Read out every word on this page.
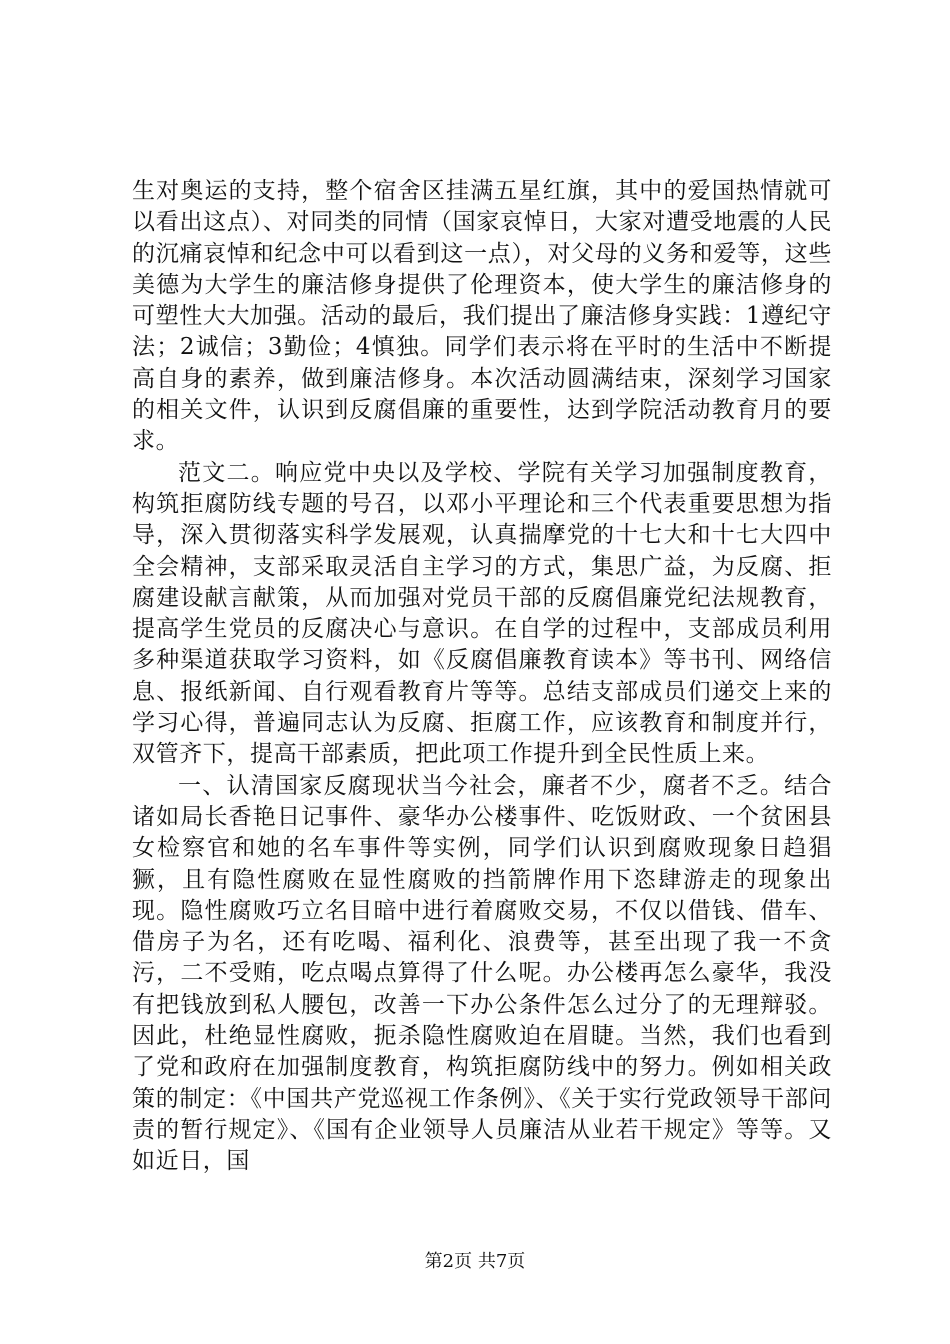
生对奥运的支持，整个宿舍区挂满五星红旗，其中的爱国热情就可以看出这点）、对同类的同情（国家哀悼日，大家对遭受地震的人民的沉痛哀悼和纪念中可以看到这一点），对父母的义务和爱等，这些美德为大学生的廉洁修身提供了伦理资本，使大学生的廉洁修身的可塑性大大加强。活动的最后，我们提出了廉洁修身实践：1遵纪守法；2诚信；3勤俭；4慎独。同学们表示将在平时的生活中不断提高自身的素养，做到廉洁修身。本次活动圆满结束，深刻学习国家的相关文件，认识到反腐倡廉的重要性，达到学院活动教育月的要求。

范文二。响应党中央以及学校、学院有关学习加强制度教育，构筑拒腐防线专题的号召，以邓小平理论和三个代表重要思想为指导，深入贯彻落实科学发展观，认真揣摩党的十七大和十七大四中全会精神，支部采取灵活自主学习的方式，集思广益，为反腐、拒腐建设献言献策，从而加强对党员干部的反腐倡廉党纪法规教育，提高学生党员的反腐决心与意识。在自学的过程中，支部成员利用多种渠道获取学习资料，如《反腐倡廉教育读本》等书刊、网络信息、报纸新闻、自行观看教育片等等。总结支部成员们递交上来的学习心得，普遍同志认为反腐、拒腐工作，应该教育和制度并行，双管齐下，提高干部素质，把此项工作提升到全民性质上来。

一、认清国家反腐现状当今社会，廉者不少，腐者不乏。结合诸如局长香艳日记事件、豪华办公楼事件、吃饭财政、一个贫困县女检察官和她的名车事件等实例，同学们认识到腐败现象日趋猖獗，且有隐性腐败在显性腐败的挡箭牌作用下恣肆游走的现象出现。隐性腐败巧立名目暗中进行着腐败交易，不仅以借钱、借车、借房子为名，还有吃喝、福利化、浪费等，甚至出现了我一不贪污，二不受贿，吃点喝点算得了什么呢。办公楼再怎么豪华，我没有把钱放到私人腰包，改善一下办公条件怎么过分了的无理辩驳。因此，杜绝显性腐败，扼杀隐性腐败迫在眉睫。当然，我们也看到了党和政府在加强制度教育，构筑拒腐防线中的努力。例如相关政策的制定：《中国共产党巡视工作条例》、《关于实行党政领导干部问责的暂行规定》、《国有企业领导人员廉洁从业若干规定》等等。又如近日，国

第2页 共7页
